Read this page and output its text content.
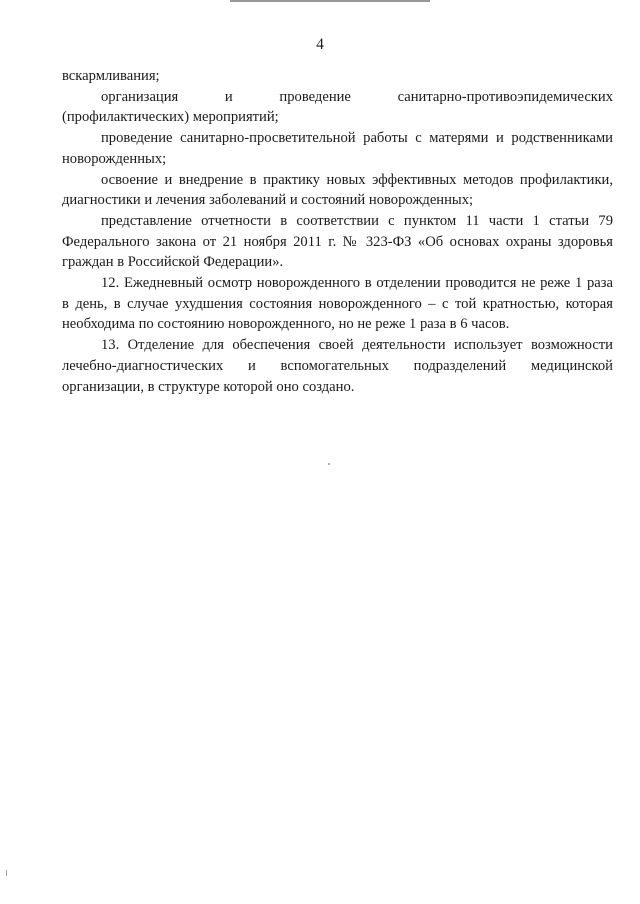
4

вскармливания;

организация и проведение санитарно-противоэпидемических (профилактических) мероприятий;

проведение санитарно-просветительной работы с матерями и родственниками новорожденных;

освоение и внедрение в практику новых эффективных методов профилактики, диагностики и лечения заболеваний и состояний новорожденных;

представление отчетности в соответствии с пунктом 11 части 1 статьи 79 Федерального закона от 21 ноября 2011 г. № 323-ФЗ «Об основах охраны здоровья граждан в Российской Федерации».

12. Ежедневный осмотр новорожденного в отделении проводится не реже 1 раза в день, в случае ухудшения состояния новорожденного – с той кратностью, которая необходима по состоянию новорожденного, но не реже 1 раза в 6 часов.

13. Отделение для обеспечения своей деятельности использует возможности лечебно-диагностических и вспомогательных подразделений медицинской организации, в структуре которой оно создано.
